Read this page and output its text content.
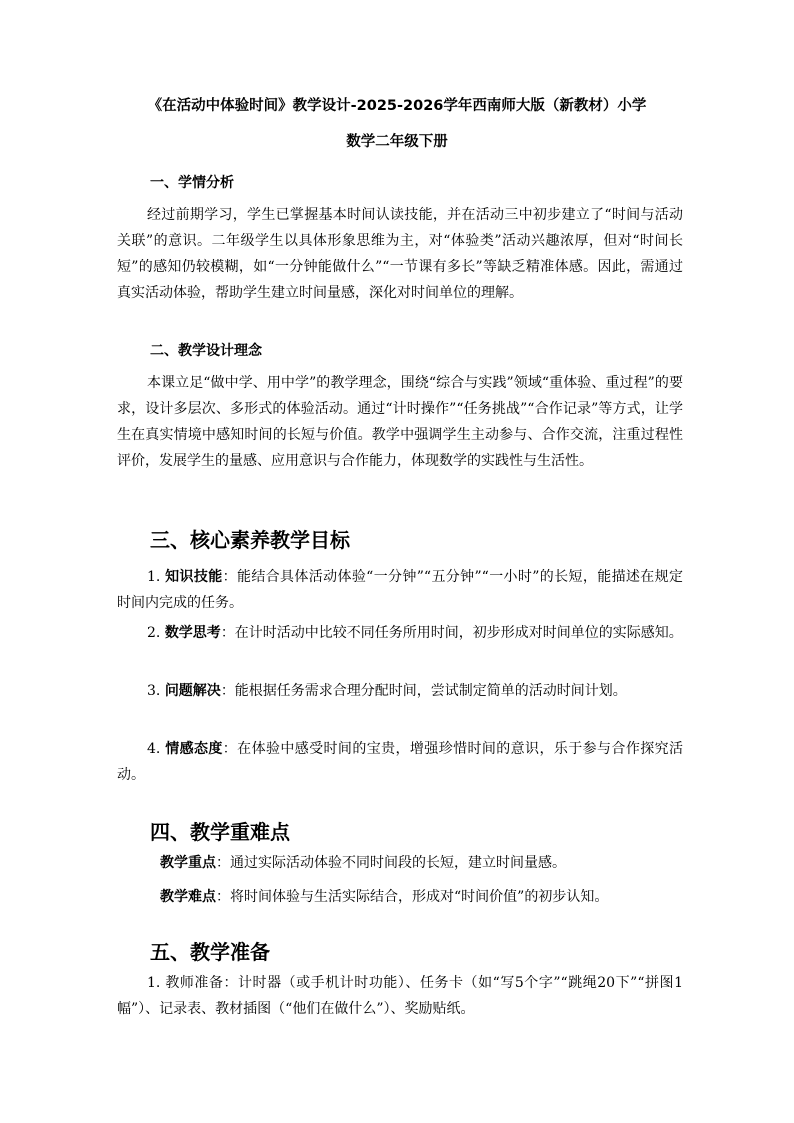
《在活动中体验时间》教学设计-2025-2026学年西南师大版（新教材）小学
数学二年级下册
一、学情分析
经过前期学习，学生已掌握基本时间认读技能，并在活动三中初步建立了“时间与活动关联”的意识。二年级学生以具体形象思维为主，对“体验类”活动兴趣浓厚，但对“时间长短”的感知仍较模糊，如“一分钟能做什么”“一节课有多长”等缺乏精准体感。因此，需通过真实活动体验，帮助学生建立时间量感，深化对时间单位的理解。
二、教学设计理念
本课立足“做中学、用中学”的教学理念，围绕“综合与实践”领域“重体验、重过程”的要求，设计多层次、多形式的体验活动。通过“计时操作”“任务挑战”“合作记录”等方式，让学生在真实情境中感知时间的长短与价值。教学中强调学生主动参与、合作交流，注重过程性评价，发展学生的量感、应用意识与合作能力，体现数学的实践性与生活性。
三、核心素养教学目标
1. 知识技能：能结合具体活动体验“一分钟”“五分钟”“一小时”的长短，能描述在规定时间内完成的任务。
2. 数学思考：在计时活动中比较不同任务所用时间，初步形成对时间单位的实际感知。
3. 问题解决：能根据任务需求合理分配时间，尝试制定简单的活动时间计划。
4. 情感态度：在体验中感受时间的宝贵，增强珍惜时间的意识，乐于参与合作探究活动。
四、教学重难点
教学重点：通过实际活动体验不同时间段的长短，建立时间量感。
教学难点：将时间体验与生活实际结合，形成对“时间价值”的初步认知。
五、教学准备
1. 教师准备：计时器（或手机计时功能）、任务卡（如“写5个字”“跳绳20下”“拼图1幅”）、记录表、教材插图（“他们在做什么”）、奖励贴纸。
